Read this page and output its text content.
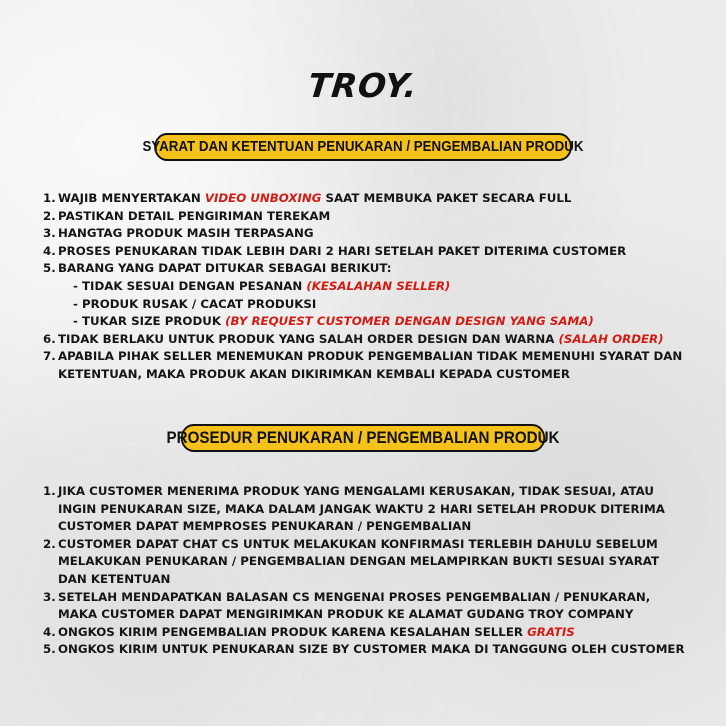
TROY.
SYARAT DAN KETENTUAN PENUKARAN / PENGEMBALIAN PRODUK
1. WAJIB MENYERTAKAN VIDEO UNBOXING SAAT MEMBUKA PAKET SECARA FULL
2. PASTIKAN DETAIL PENGIRIMAN TEREKAM
3. HANGTAG PRODUK MASIH TERPASANG
4. PROSES PENUKARAN TIDAK LEBIH DARI 2 HARI SETELAH PAKET DITERIMA CUSTOMER
5. BARANG YANG DAPAT DITUKAR SEBAGAI BERIKUT:
- TIDAK SESUAI DENGAN PESANAN (KESALAHAN SELLER)
- PRODUK RUSAK / CACAT PRODUKSI
- TUKAR SIZE PRODUK (BY REQUEST CUSTOMER DENGAN DESIGN YANG SAMA)
6. TIDAK BERLAKU UNTUK PRODUK YANG SALAH ORDER DESIGN DAN WARNA (SALAH ORDER)
7. APABILA PIHAK SELLER MENEMUKAN PRODUK PENGEMBALIAN TIDAK MEMENUHI SYARAT DAN
KETENTUAN, MAKA PRODUK AKAN DIKIRIMKAN KEMBALI KEPADA CUSTOMER
PROSEDUR PENUKARAN / PENGEMBALIAN PRODUK
1. JIKA CUSTOMER MENERIMA PRODUK YANG MENGALAMI KERUSAKAN, TIDAK SESUAI, ATAU
INGIN PENUKARAN SIZE, MAKA DALAM JANGAK WAKTU 2 HARI SETELAH PRODUK DITERIMA
CUSTOMER DAPAT MEMPROSES PENUKARAN / PENGEMBALIAN
2. CUSTOMER DAPAT CHAT CS UNTUK MELAKUKAN KONFIRMASI TERLEBIH DAHULU SEBELUM
MELAKUKAN PENUKARAN / PENGEMBALIAN DENGAN MELAMPIRKAN BUKTI SESUAI SYARAT
DAN KETENTUAN
3. SETELAH MENDAPATKAN BALASAN CS MENGENAI PROSES PENGEMBALIAN / PENUKARAN,
MAKA CUSTOMER DAPAT MENGIRIMKAN PRODUK KE ALAMAT GUDANG TROY COMPANY
4. ONGKOS KIRIM PENGEMBALIAN PRODUK KARENA KESALAHAN SELLER GRATIS
5. ONGKOS KIRIM UNTUK PENUKARAN SIZE BY CUSTOMER MAKA DI TANGGUNG OLEH CUSTOMER
